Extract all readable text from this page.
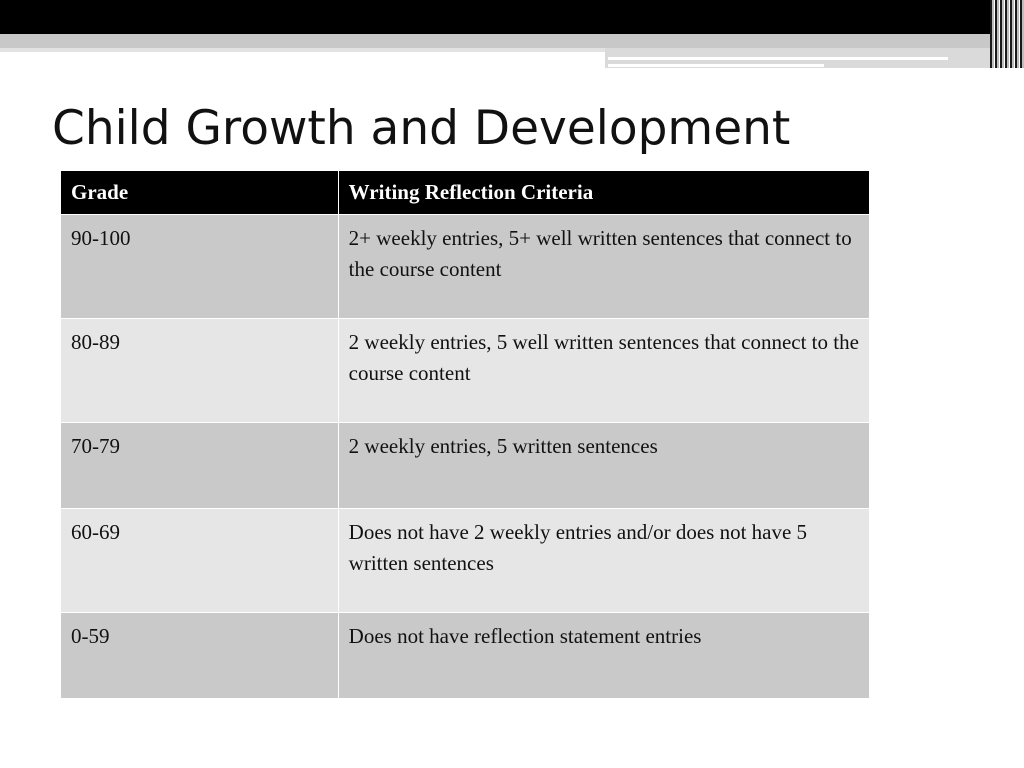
Child Growth and Development
Grade	Writing Reflection Criteria
90-100	2+ weekly entries, 5+ well written sentences that connect to the course content
80-89	2 weekly entries, 5 well written sentences that connect to the course content
70-79	2 weekly entries, 5 written sentences
60-69	Does not have 2 weekly entries and/or does not have 5 written sentences
0-59	Does not have reflection statement entries
